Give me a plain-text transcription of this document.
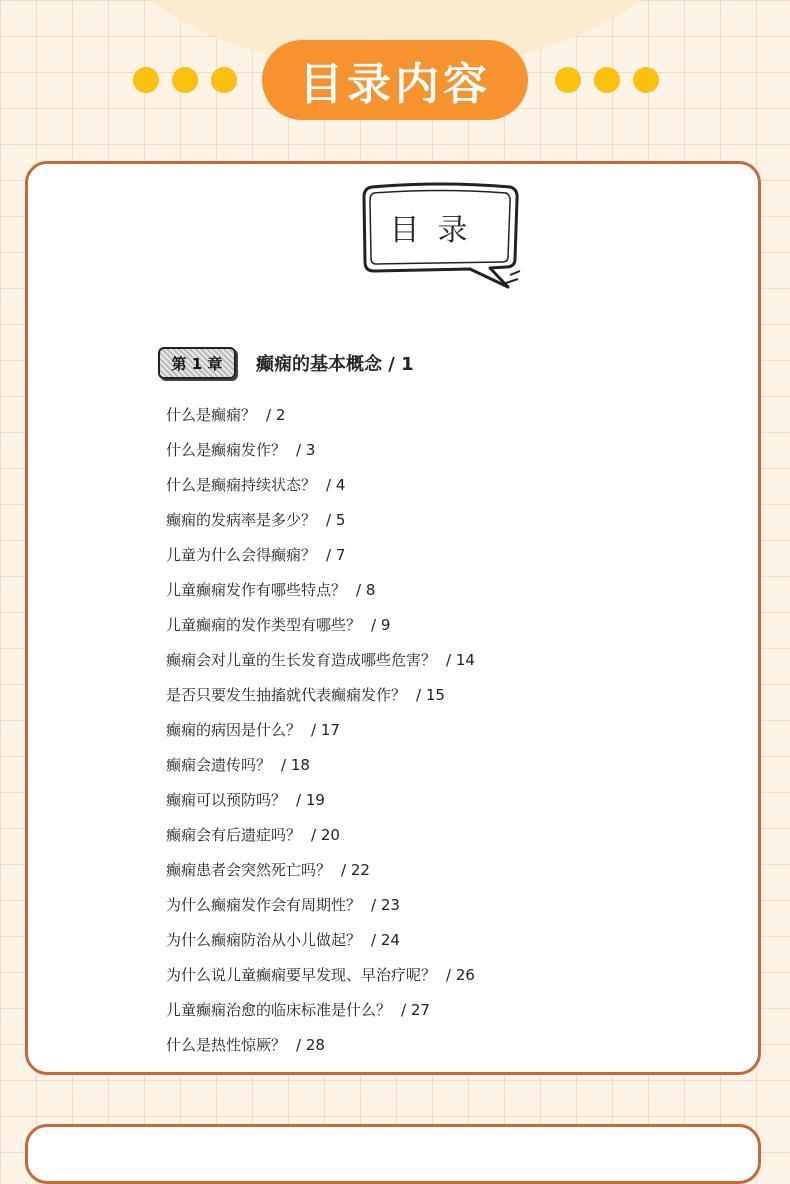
目录内容
目录
第 1 章 癫痫的基本概念 / 1
什么是癫痫？ / 2
什么是癫痫发作？ / 3
什么是癫痫持续状态？ / 4
癫痫的发病率是多少？ / 5
儿童为什么会得癫痫？ / 7
儿童癫痫发作有哪些特点？ / 8
儿童癫痫的发作类型有哪些？ / 9
癫痫会对儿童的生长发育造成哪些危害？ / 14
是否只要发生抽搐就代表癫痫发作？ / 15
癫痫的病因是什么？ / 17
癫痫会遗传吗？ / 18
癫痫可以预防吗？ / 19
癫痫会有后遗症吗？ / 20
癫痫患者会突然死亡吗？ / 22
为什么癫痫发作会有周期性？ / 23
为什么癫痫防治从小儿做起？ / 24
为什么说儿童癫痫要早发现、早治疗呢？ / 26
儿童癫痫治愈的临床标准是什么？ / 27
什么是热性惊厥？ / 28
